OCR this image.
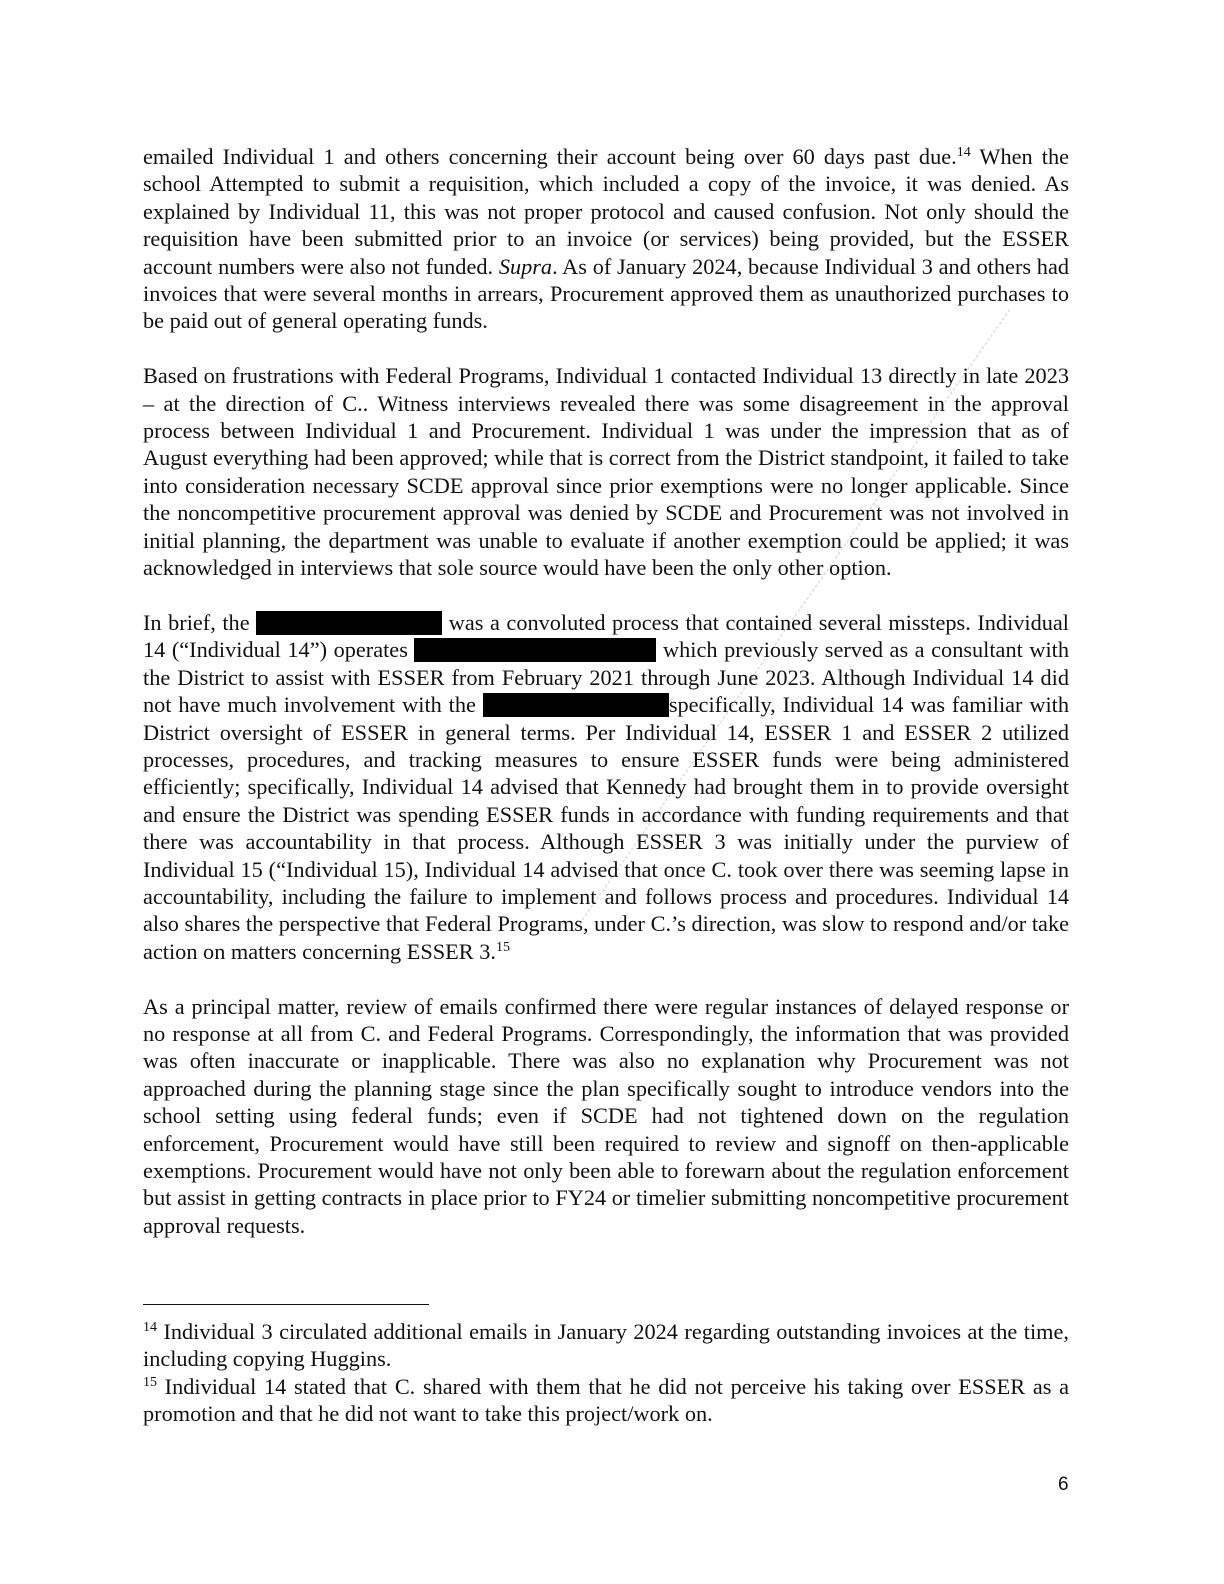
emailed Individual 1 and others concerning their account being over 60 days past due.$^{14}$ When the school Attempted to submit a requisition, which included a copy of the invoice, it was denied. As explained by Individual 11, this was not proper protocol and caused confusion. Not only should the requisition have been submitted prior to an invoice (or services) being provided, but the ESSER account numbers were also not funded. Supra. As of January 2024, because Individual 3 and others had invoices that were several months in arrears, Procurement approved them as unauthorized purchases to be paid out of general operating funds.

Based on frustrations with Federal Programs, Individual 1 contacted Individual 13 directly in late 2023 – at the direction of C.. Witness interviews revealed there was some disagreement in the approval process between Individual 1 and Procurement. Individual 1 was under the impression that as of August everything had been approved; while that is correct from the District standpoint, it failed to take into consideration necessary SCDE approval since prior exemptions were no longer applicable. Since the noncompetitive procurement approval was denied by SCDE and Procurement was not involved in initial planning, the department was unable to evaluate if another exemption could be applied; it was acknowledged in interviews that sole source would have been the only other option.

In brief, the	was a convoluted process that contained several missteps. Individual 14 (“Individual 14”) operates	which previously served as a consultant with the District to assist with ESSER from February 2021 through June 2023. Although Individual 14 did not have much involvement with the	specifically, Individual 14 was familiar with District oversight of ESSER in general terms. Per Individual 14, ESSER 1 and ESSER 2 utilized processes, procedures, and tracking measures to ensure ESSER funds were being administered efficiently; specifically, Individual 14 advised that Kennedy had brought them in to provide oversight and ensure the District was spending ESSER funds in accordance with funding requirements and that there was accountability in that process. Although ESSER 3 was initially under the purview of Individual 15 (“Individual 15), Individual 14 advised that once C. took over there was seeming lapse in accountability, including the failure to implement and follows process and procedures. Individual 14 also shares the perspective that Federal Programs, under C.’s direction, was slow to respond and/or take action on matters concerning ESSER 3.15

As a principal matter, review of emails confirmed there were regular instances of delayed response or no response at all from C. and Federal Programs. Correspondingly, the information that was provided was often inaccurate or inapplicable. There was also no explanation why Procurement was not approached during the planning stage since the plan specifically sought to introduce vendors into the school setting using federal funds; even if SCDE had not tightened down on the regulation enforcement, Procurement would have still been required to review and signoff on then-applicable exemptions. Procurement would have not only been able to forewarn about the regulation enforcement but assist in getting contracts in place prior to FY24 or timelier submitting noncompetitive procurement approval requests.

$^{14}$ Individual 3 circulated additional emails in January 2024 regarding outstanding invoices at the time, including copying Huggins.

$^{15}$ Individual 14 stated that C. shared with them that he did not perceive his taking over ESSER as a promotion and that he did not want to take this project/work on.

6
